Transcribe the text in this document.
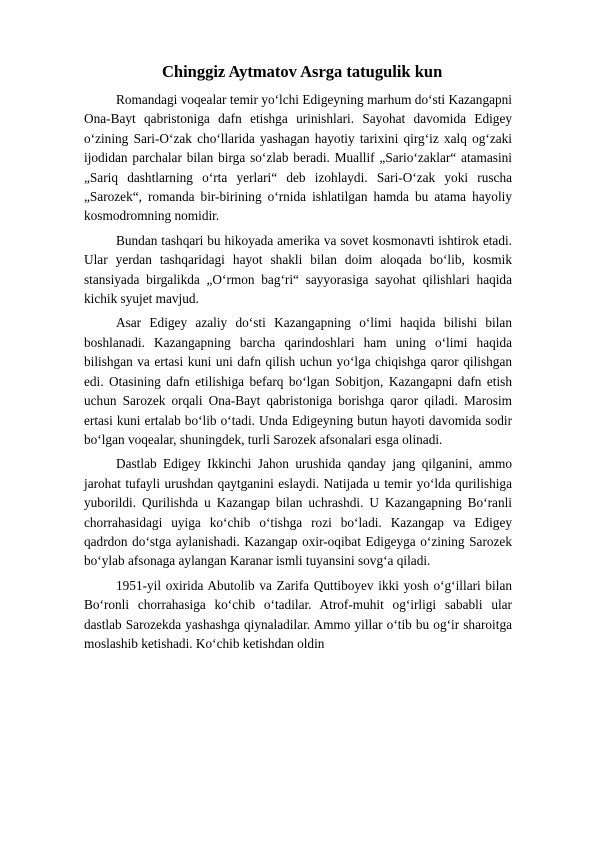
Chinggiz Aytmatov Asrga tatugulik kun

Romandagi voqealar temir yo‘lchi Edigeyning marhum do‘sti Kazangapni Ona-Bayt qabristoniga dafn etishga urinishlari. Sayohat davomida Edigey o‘zining Sari-O‘zak cho‘llarida yashagan hayotiy tarixini qirg‘iz xalq og‘zaki ijodidan parchalar bilan birga so‘zlab beradi. Muallif „Sario‘zaklar“ atamasini „Sariq dashtlarning o‘rta yerlari“ deb izohlaydi. Sari-O‘zak yoki ruscha „Sarozek“, romanda bir-birining o‘rnida ishlatilgan hamda bu atama hayoliy kosmodromning nomidir.

Bundan tashqari bu hikoyada amerika va sovet kosmonavti ishtirok etadi. Ular yerdan tashqaridagi hayot shakli bilan doim aloqada bo‘lib, kosmik stansiyada birgalikda „O‘rmon bag‘ri“ sayyorasiga sayohat qilishlari haqida kichik syujet mavjud.

Asar Edigey azaliy do‘sti Kazangapning o‘limi haqida bilishi bilan boshlanadi. Kazangapning barcha qarindoshlari ham uning o‘limi haqida bilishgan va ertasi kuni uni dafn qilish uchun yo‘lga chiqishga qaror qilishgan edi. Otasining dafn etilishiga befarq bo‘lgan Sobitjon, Kazangapni dafn etish uchun Sarozek orqali Ona-Bayt qabristoniga borishga qaror qiladi. Marosim ertasi kuni ertalab bo‘lib o‘tadi. Unda Edigeyning butun hayoti davomida sodir bo‘lgan voqealar, shuningdek, turli Sarozek afsonalari esga olinadi.

Dastlab Edigey Ikkinchi Jahon urushida qanday jang qilganini, ammo jarohat tufayli urushdan qaytganini eslaydi. Natijada u temir yo‘lda qurilishiga yuborildi. Qurilishda u Kazangap bilan uchrashdi. U Kazangapning Bo‘ranli chorrahasidagi uyiga ko‘chib o‘tishga rozi bo‘ladi. Kazangap va Edigey qadrdon do‘stga aylanishadi. Kazangap oxir-oqibat Edigeyga o‘zining Sarozek bo‘ylab afsonaga aylangan Karanar ismli tuyansini sovg‘a qiladi.

1951-yil oxirida Abutolib va Zarifa Quttiboyev ikki yosh o‘g‘illari bilan Bo‘ronli chorrahasiga ko‘chib o‘tadilar. Atrof-muhit og‘irligi sababli ular dastlab Sarozekda yashashga qiynaladilar. Ammo yillar o‘tib bu og‘ir sharoitga moslashib ketishadi. Ko‘chib ketishdan oldin
